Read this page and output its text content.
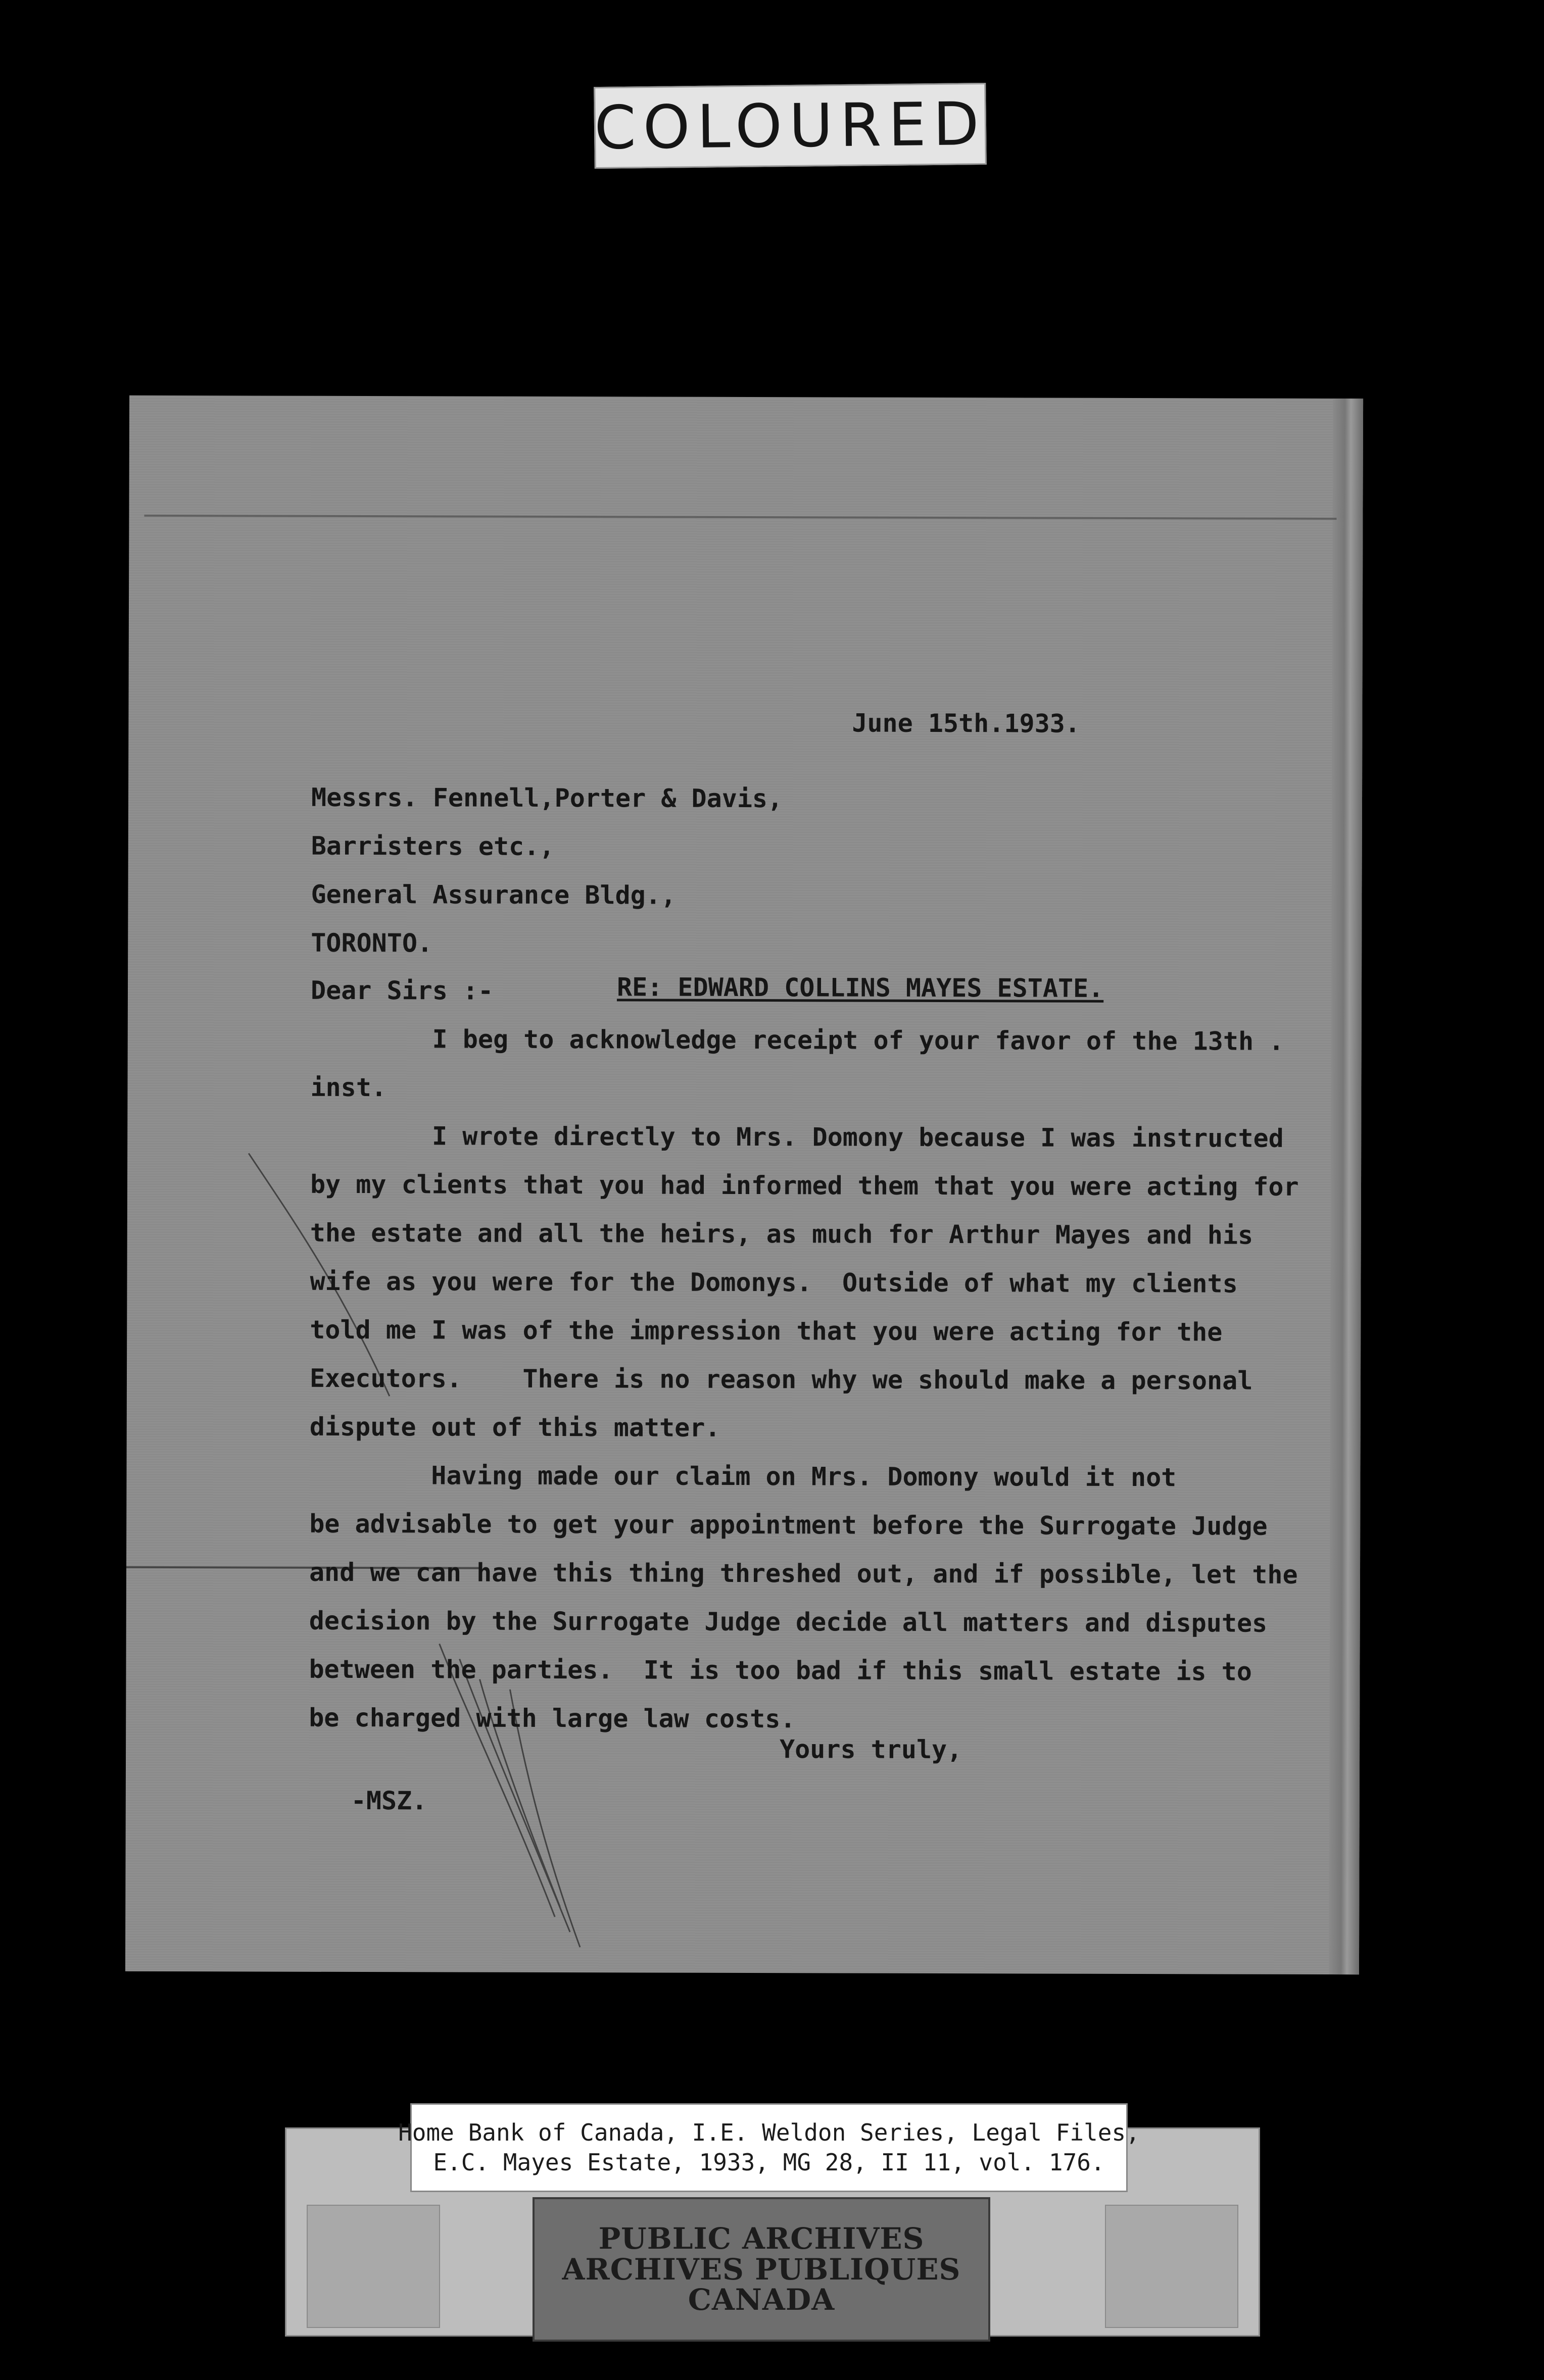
COLOURED
June 15th.1933.
Messrs. Fennell,Porter & Davis,
Barristers etc.,
General Assurance Bldg.,
TORONTO.
Dear Sirs :-	RE: EDWARD COLLINS MAYES ESTATE.
I beg to acknowledge receipt of your favor of the 13th .
inst.
I wrote directly to Mrs. Domony because I was instructed
by my clients that you had informed them that you were acting for
the estate and all the heirs, as much for Arthur Mayes and his
wife as you were for the Domonys.  Outside of what my clients
told me I was of the impression that you were acting for the
Executors.    There is no reason why we should make a personal
dispute out of this matter.
Having made our claim on Mrs. Domony would it not
be advisable to get your appointment before the Surrogate Judge
and we can have this thing threshed out, and if possible, let the
decision by the Surrogate Judge decide all matters and disputes
between the parties.  It is too bad if this small estate is to
be charged with large law costs.
Yours truly,
-MSZ.
Home Bank of Canada, I.E. Weldon Series, Legal Files,
E.C. Mayes Estate, 1933, MG 28, II 11, vol. 176.
PUBLIC ARCHIVES
ARCHIVES PUBLIQUES
CANADA
